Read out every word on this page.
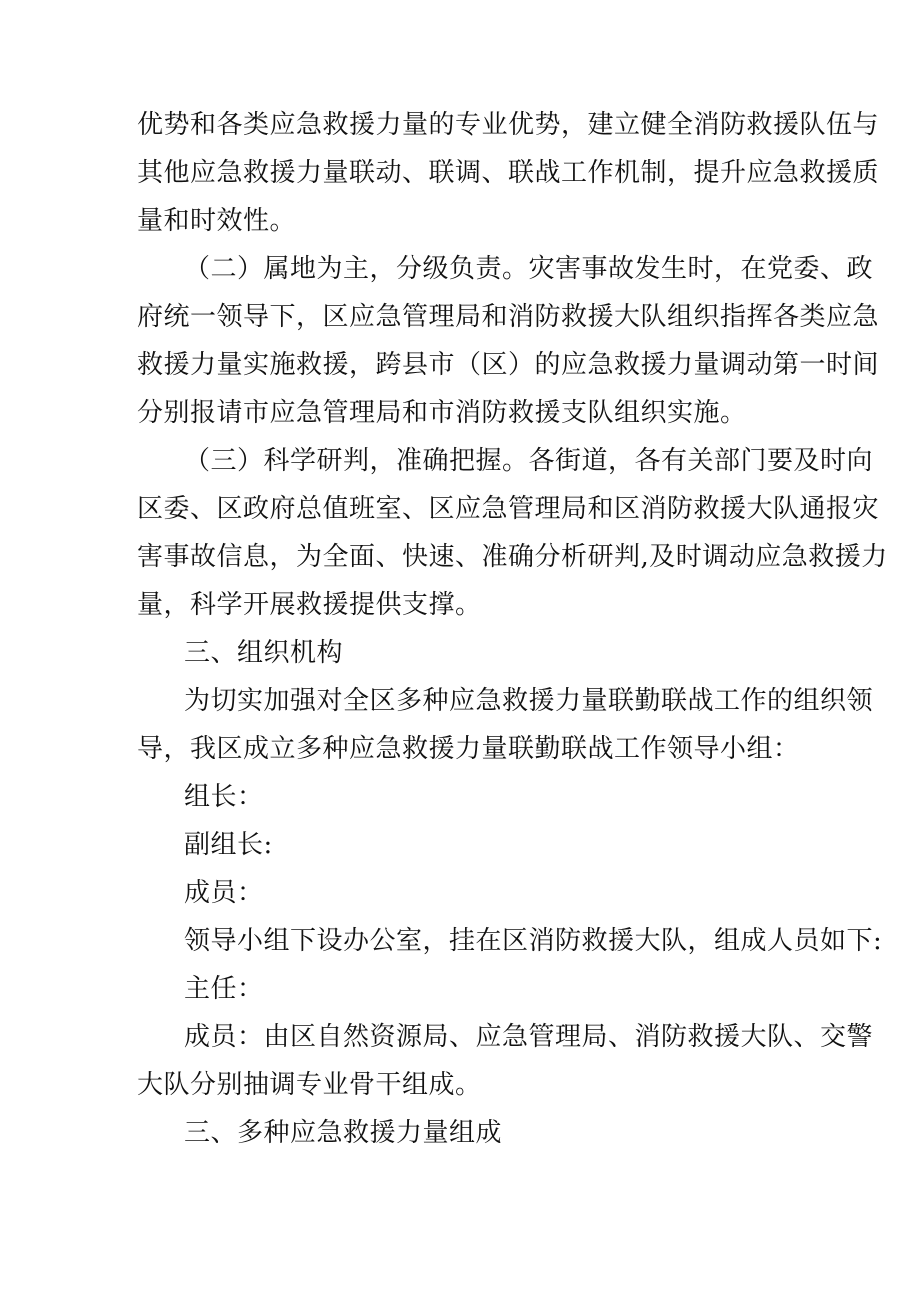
优势和各类应急救援力量的专业优势，建立健全消防救援队伍与
其他应急救援力量联动、联调、联战工作机制，提升应急救援质
量和时效性。
（二）属地为主，分级负责。灾害事故发生时，在党委、政
府统一领导下，区应急管理局和消防救援大队组织指挥各类应急
救援力量实施救援，跨县市（区）的应急救援力量调动第一时间
分别报请市应急管理局和市消防救援支队组织实施。
（三）科学研判，准确把握。各街道，各有关部门要及时向
区委、区政府总值班室、区应急管理局和区消防救援大队通报灾
害事故信息，为全面、快速、准确分析研判,及时调动应急救援力
量，科学开展救援提供支撑。
三、组织机构
为切实加强对全区多种应急救援力量联勤联战工作的组织领
导，我区成立多种应急救援力量联勤联战工作领导小组：
组长：
副组长:
成员：
领导小组下设办公室，挂在区消防救援大队，组成人员如下:
主任：
成员：由区自然资源局、应急管理局、消防救援大队、交警
大队分别抽调专业骨干组成。
三、多种应急救援力量组成
